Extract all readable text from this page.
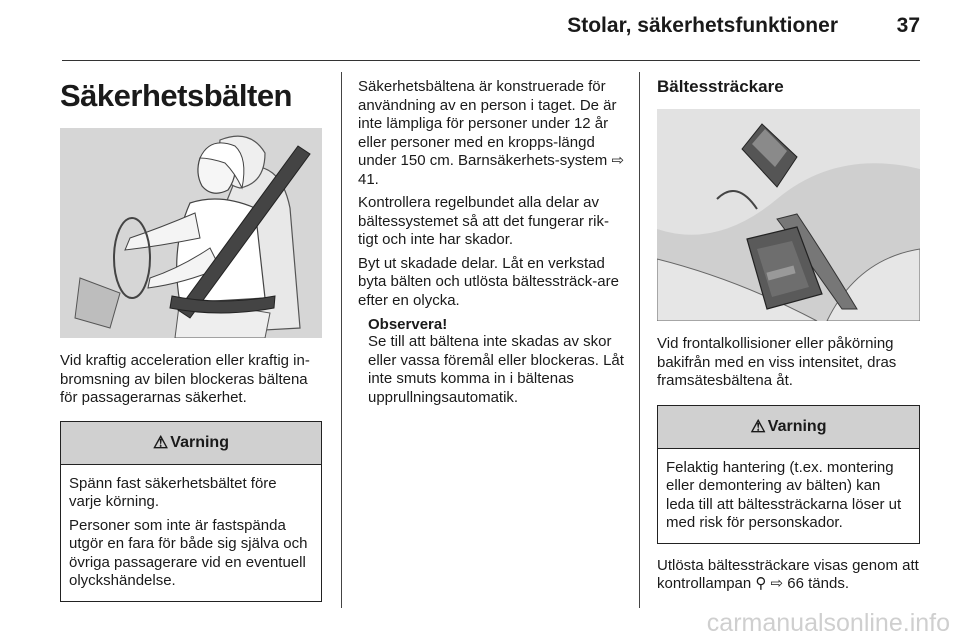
Stolar, säkerhetsfunktioner	37
Säkerhetsbälten

Vid kraftig acceleration eller kraftig in-bromsning av bilen blockeras bältena för passagerarnas säkerhet.

⚠ Varning

Spänn fast säkerhetsbältet före varje körning.

Personer som inte är fastspända utgör en fara för både sig själva och övriga passagerare vid en eventuell olyckshändelse.

Säkerhetsbältena är konstruerade för användning av en person i taget. De är inte lämpliga för personer under 12 år eller personer med en kropps-längd under 150 cm. Barnsäkerhets-system ⇨ 41.

Kontrollera regelbundet alla delar av bältessystemet så att det fungerar rik-tigt och inte har skador.

Byt ut skadade delar. Låt en verkstad byta bälten och utlösta bältessträck-are efter en olycka.

Observera!

Se till att bältena inte skadas av skor eller vassa föremål eller blockeras. Låt inte smuts komma in i bältenas upprullningsautomatik.

Bältessträckare

Vid frontalkollisioner eller påkörning bakifrån med en viss intensitet, dras framsätesbältena åt.

⚠ Varning

Felaktig hantering (t.ex. montering eller demontering av bälten) kan leda till att bältessträckarna löser ut med risk för personskador.

Utlösta bältessträckare visas genom att kontrollampan ⚲ ⇨ 66 tänds.

carmanualsonline.info
